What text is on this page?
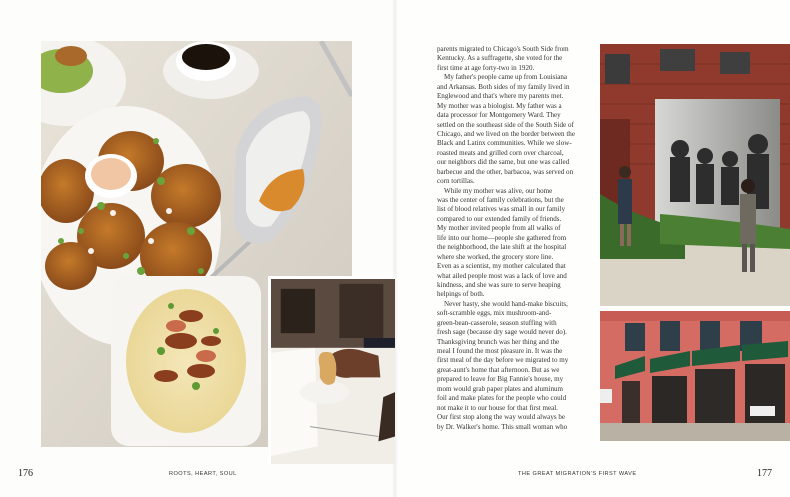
parents migrated to Chicago's South Side from
Kentucky. As a suffragette, she voted for the
first time at age forty-two in 1920.
 My father's people came up from Louisiana
and Arkansas. Both sides of my family lived in
Englewood and that's where my parents met.
My mother was a biologist. My father was a
data processor for Montgomery Ward. They
settled on the southeast side of the South Side of
Chicago, and we lived on the border between the
Black and Latinx communities. While we slow-
roasted meats and grilled corn over charcoal,
our neighbors did the same, but one was called
barbecue and the other, barbacoa, was served on
corn tortillas.
 While my mother was alive, our home
was the center of family celebrations, but the
list of blood relatives was small in our family
compared to our extended family of friends.
My mother invited people from all walks of
life into our home—people she gathered from
the neighborhood, the late shift at the hospital
where she worked, the grocery store line.
Even as a scientist, my mother calculated that
what ailed people most was a lack of love and
kindness, and she was sure to serve heaping
helpings of both.
 Never hasty, she would hand-make biscuits,
soft-scramble eggs, mix mushroom-and-
green-bean-casserole, season stuffing with
fresh sage (because dry sage would never do).
Thanksgiving brunch was her thing and the
meal I found the most pleasure in. It was the
first meal of the day before we migrated to my
great-aunt's home that afternoon. But as we
prepared to leave for Big Fannie's house, my
mom would grab paper plates and aluminum
foil and make plates for the people who could
not make it to our house for that first meal.
Our first stop along the way would always be
by Dr. Walker's home. This small woman who
176	ROOTS, HEART, SOUL	THE GREAT MIGRATION'S FIRST WAVE	177
